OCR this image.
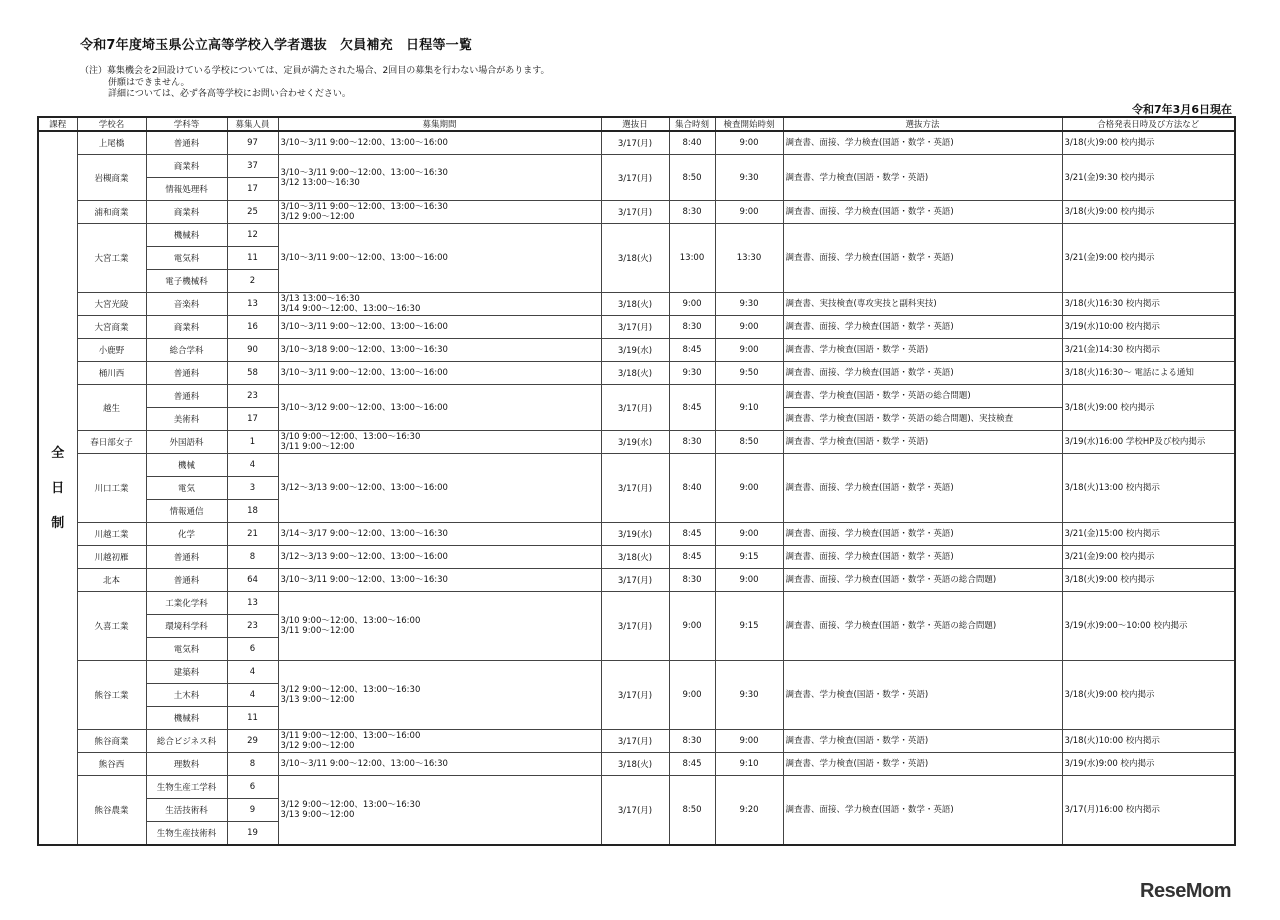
令和7年度埼玉県公立高等学校入学者選抜　欠員補充　日程等一覧
（注）募集機会を2回設けている学校については、定員が満たされた場合、2回目の募集を行わない場合があります。
併願はできません。
詳細については、必ず各高等学校にお問い合わせください。
令和7年3月6日現在
課程	学校名	学科等	募集人員	募集期間	選抜日	集合時刻	検査開始時刻	選抜方法	合格発表日時及び方法など

全
日
制	上尾橋	普通科	97	3/10～3/11 9:00～12:00、13:00～16:00	3/17(月)	8:40	9:00	調査書、面接、学力検査(国語・数学・英語)	3/18(火)9:00 校内掲示
	岩槻商業	商業科	37	3/10～3/11 9:00～12:00、13:00～16:30
3/12 13:00～16:30	3/17(月)	8:50	9:30	調査書、学力検査(国語・数学・英語)	3/21(金)9:30 校内掲示
		情報処理科	17						
	浦和商業	商業科	25	3/10～3/11 9:00～12:00、13:00～16:30
3/12 9:00～12:00	3/17(月)	8:30	9:00	調査書、面接、学力検査(国語・数学・英語)	3/18(火)9:00 校内掲示
	大宮工業	機械科	12	3/10～3/11 9:00～12:00、13:00～16:00	3/18(火)	13:00	13:30	調査書、面接、学力検査(国語・数学・英語)	3/21(金)9:00 校内掲示
		電気科	11						
		電子機械科	2						
	大宮光陵	音楽科	13	3/13 13:00～16:30
3/14 9:00～12:00、13:00～16:30	3/18(火)	9:00	9:30	調査書、実技検査(専攻実技と副科実技)	3/18(火)16:30 校内掲示
	大宮商業	商業科	16	3/10～3/11 9:00～12:00、13:00～16:00	3/17(月)	8:30	9:00	調査書、面接、学力検査(国語・数学・英語)	3/19(水)10:00 校内掲示
	小鹿野	総合学科	90	3/10～3/18 9:00～12:00、13:00～16:30	3/19(水)	8:45	9:00	調査書、学力検査(国語・数学・英語)	3/21(金)14:30 校内掲示
	桶川西	普通科	58	3/10～3/11 9:00～12:00、13:00～16:00	3/18(火)	9:30	9:50	調査書、面接、学力検査(国語・数学・英語)	3/18(火)16:30～ 電話による通知
	越生	普通科	23	3/10～3/12 9:00～12:00、13:00～16:00	3/17(月)	8:45	9:10	調査書、学力検査(国語・数学・英語の総合問題)	3/18(火)9:00 校内掲示
		美術科	17					調査書、学力検査(国語・数学・英語の総合問題)、実技検査	
	春日部女子	外国語科	1	3/10 9:00～12:00、13:00～16:30
3/11 9:00～12:00	3/19(水)	8:30	8:50	調査書、学力検査(国語・数学・英語)	3/19(水)16:00 学校HP及び校内掲示
	川口工業	機械	4	3/12～3/13 9:00～12:00、13:00～16:00	3/17(月)	8:40	9:00	調査書、面接、学力検査(国語・数学・英語)	3/18(火)13:00 校内掲示
		電気	3						
		情報通信	18						
	川越工業	化学	21	3/14～3/17 9:00～12:00、13:00～16:30	3/19(水)	8:45	9:00	調査書、面接、学力検査(国語・数学・英語)	3/21(金)15:00 校内掲示
	川越初雁	普通科	8	3/12～3/13 9:00～12:00、13:00～16:00	3/18(火)	8:45	9:15	調査書、面接、学力検査(国語・数学・英語)	3/21(金)9:00 校内掲示
	北本	普通科	64	3/10～3/11 9:00～12:00、13:00～16:30	3/17(月)	8:30	9:00	調査書、面接、学力検査(国語・数学・英語の総合問題)	3/18(火)9:00 校内掲示
	久喜工業	工業化学科	13	3/10 9:00～12:00、13:00～16:00
3/11 9:00～12:00	3/17(月)	9:00	9:15	調査書、面接、学力検査(国語・数学・英語の総合問題)	3/19(水)9:00～10:00 校内掲示
		環境科学科	23						
		電気科	6						
	熊谷工業	建築科	4	3/12 9:00～12:00、13:00～16:30
3/13 9:00～12:00	3/17(月)	9:00	9:30	調査書、学力検査(国語・数学・英語)	3/18(火)9:00 校内掲示
		土木科	4						
		機械科	11						
	熊谷商業	総合ビジネス科	29	3/11 9:00～12:00、13:00～16:00
3/12 9:00～12:00	3/17(月)	8:30	9:00	調査書、学力検査(国語・数学・英語)	3/18(火)10:00 校内掲示
	熊谷西	理数科	8	3/10～3/11 9:00～12:00、13:00～16:30	3/18(火)	8:45	9:10	調査書、学力検査(国語・数学・英語)	3/19(水)9:00 校内掲示
	熊谷農業	生物生産工学科	6	3/12 9:00～12:00、13:00～16:30
3/13 9:00～12:00	3/17(月)	8:50	9:20	調査書、面接、学力検査(国語・数学・英語)	3/17(月)16:00 校内掲示
		生活技術科	9						
		生物生産技術科	19						
ReseMom
